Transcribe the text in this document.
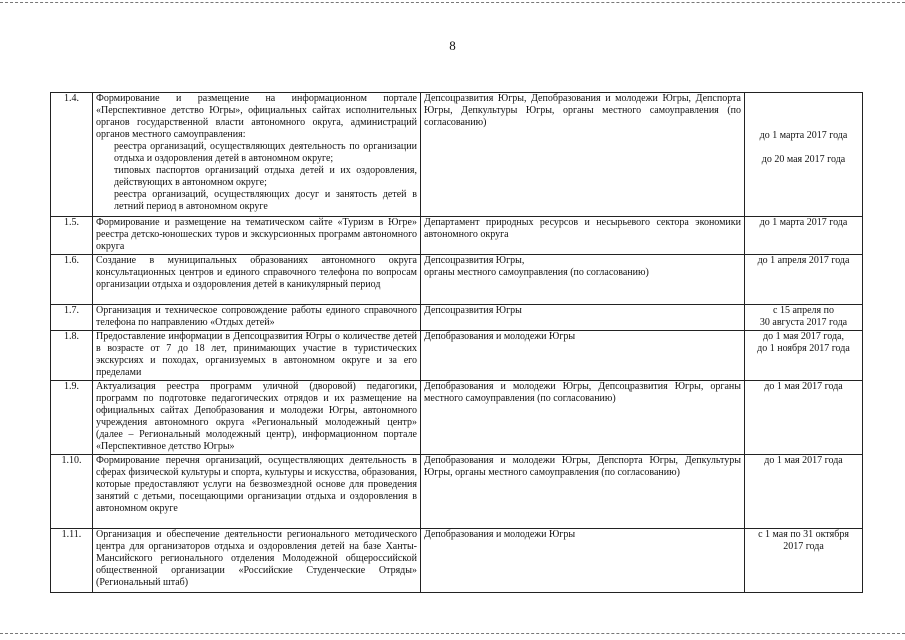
8
1.4.	Формирование и размещение на информационном портале «Перспективное детство Югры», официальных сайтах исполнительных органов государственной власти автономного округа, администраций органов местного самоуправления:
реестра организаций, осуществляющих деятельность по организации отдыха и оздоровления детей в автономном округе;
типовых паспортов организаций отдыха детей и их оздоровления, действующих в автономном округе;
реестра организаций, осуществляющих досуг и занятость детей в летний период в автономном округе	Депсоцразвития Югры, Депобразования и молодежи Югры, Депспорта Югры, Депкультуры Югры, органы местного самоуправления (по согласованию)	до 1 марта 2017 года
до 20 мая 2017 года

1.5.	Формирование и размещение на тематическом сайте «Туризм в Югре» реестра детско-юношеских туров и экскурсионных программ автономного округа	Департамент природных ресурсов и несырьевого сектора экономики автономного округа	до 1 марта 2017 года
1.6.	Создание в муниципальных образованиях автономного округа консультационных центров и единого справочного телефона по вопросам организации отдыха и оздоровления детей в каникулярный период	Депсоцразвития Югры,
органы местного самоуправления (по согласованию)	до 1 апреля 2017 года
1.7.	Организация и техническое сопровождение работы единого справочного телефона по направлению «Отдых детей»	Депсоцразвития Югры	с 15 апреля по
30 августа 2017 года

1.8.	Предоставление информации в Депсоцразвития Югры о количестве детей в возрасте от 7 до 18 лет, принимающих участие в туристических экскурсиях и походах, организуемых в автономном округе и за его пределами	Депобразования и молодежи Югры	до 1 мая 2017 года,
до 1 ноября 2017 года

1.9.	Актуализация реестра программ уличной (дворовой) педагогики, программ по подготовке педагогических отрядов и их размещение на официальных сайтах Депобразования и молодежи Югры, автономного учреждения автономного округа «Региональный молодежный центр» (далее – Региональный молодежный центр), информационном портале «Перспективное детство Югры»	Депобразования и молодежи Югры, Депсоцразвития Югры, органы местного самоуправления (по согласованию)	до 1 мая 2017 года
1.10.	Формирование перечня организаций, осуществляющих деятельность в сферах физической культуры и спорта, культуры и искусства, образования, которые предоставляют услуги на безвозмездной основе для проведения занятий с детьми, посещающими организации отдыха и оздоровления в автономном округе	Депобразования и молодежи Югры, Депспорта Югры, Депкультуры Югры, органы местного самоуправления (по согласованию)	до 1 мая 2017 года
1.11.	Организация и обеспечение деятельности регионального методического центра для организаторов отдыха и оздоровления детей на базе Ханты-Мансийского регионального отделения Молодежной общероссийской общественной организации «Российские Студенческие Отряды» (Региональный штаб)	Депобразования и молодежи Югры	с 1 мая по 31 октября 2017 года
